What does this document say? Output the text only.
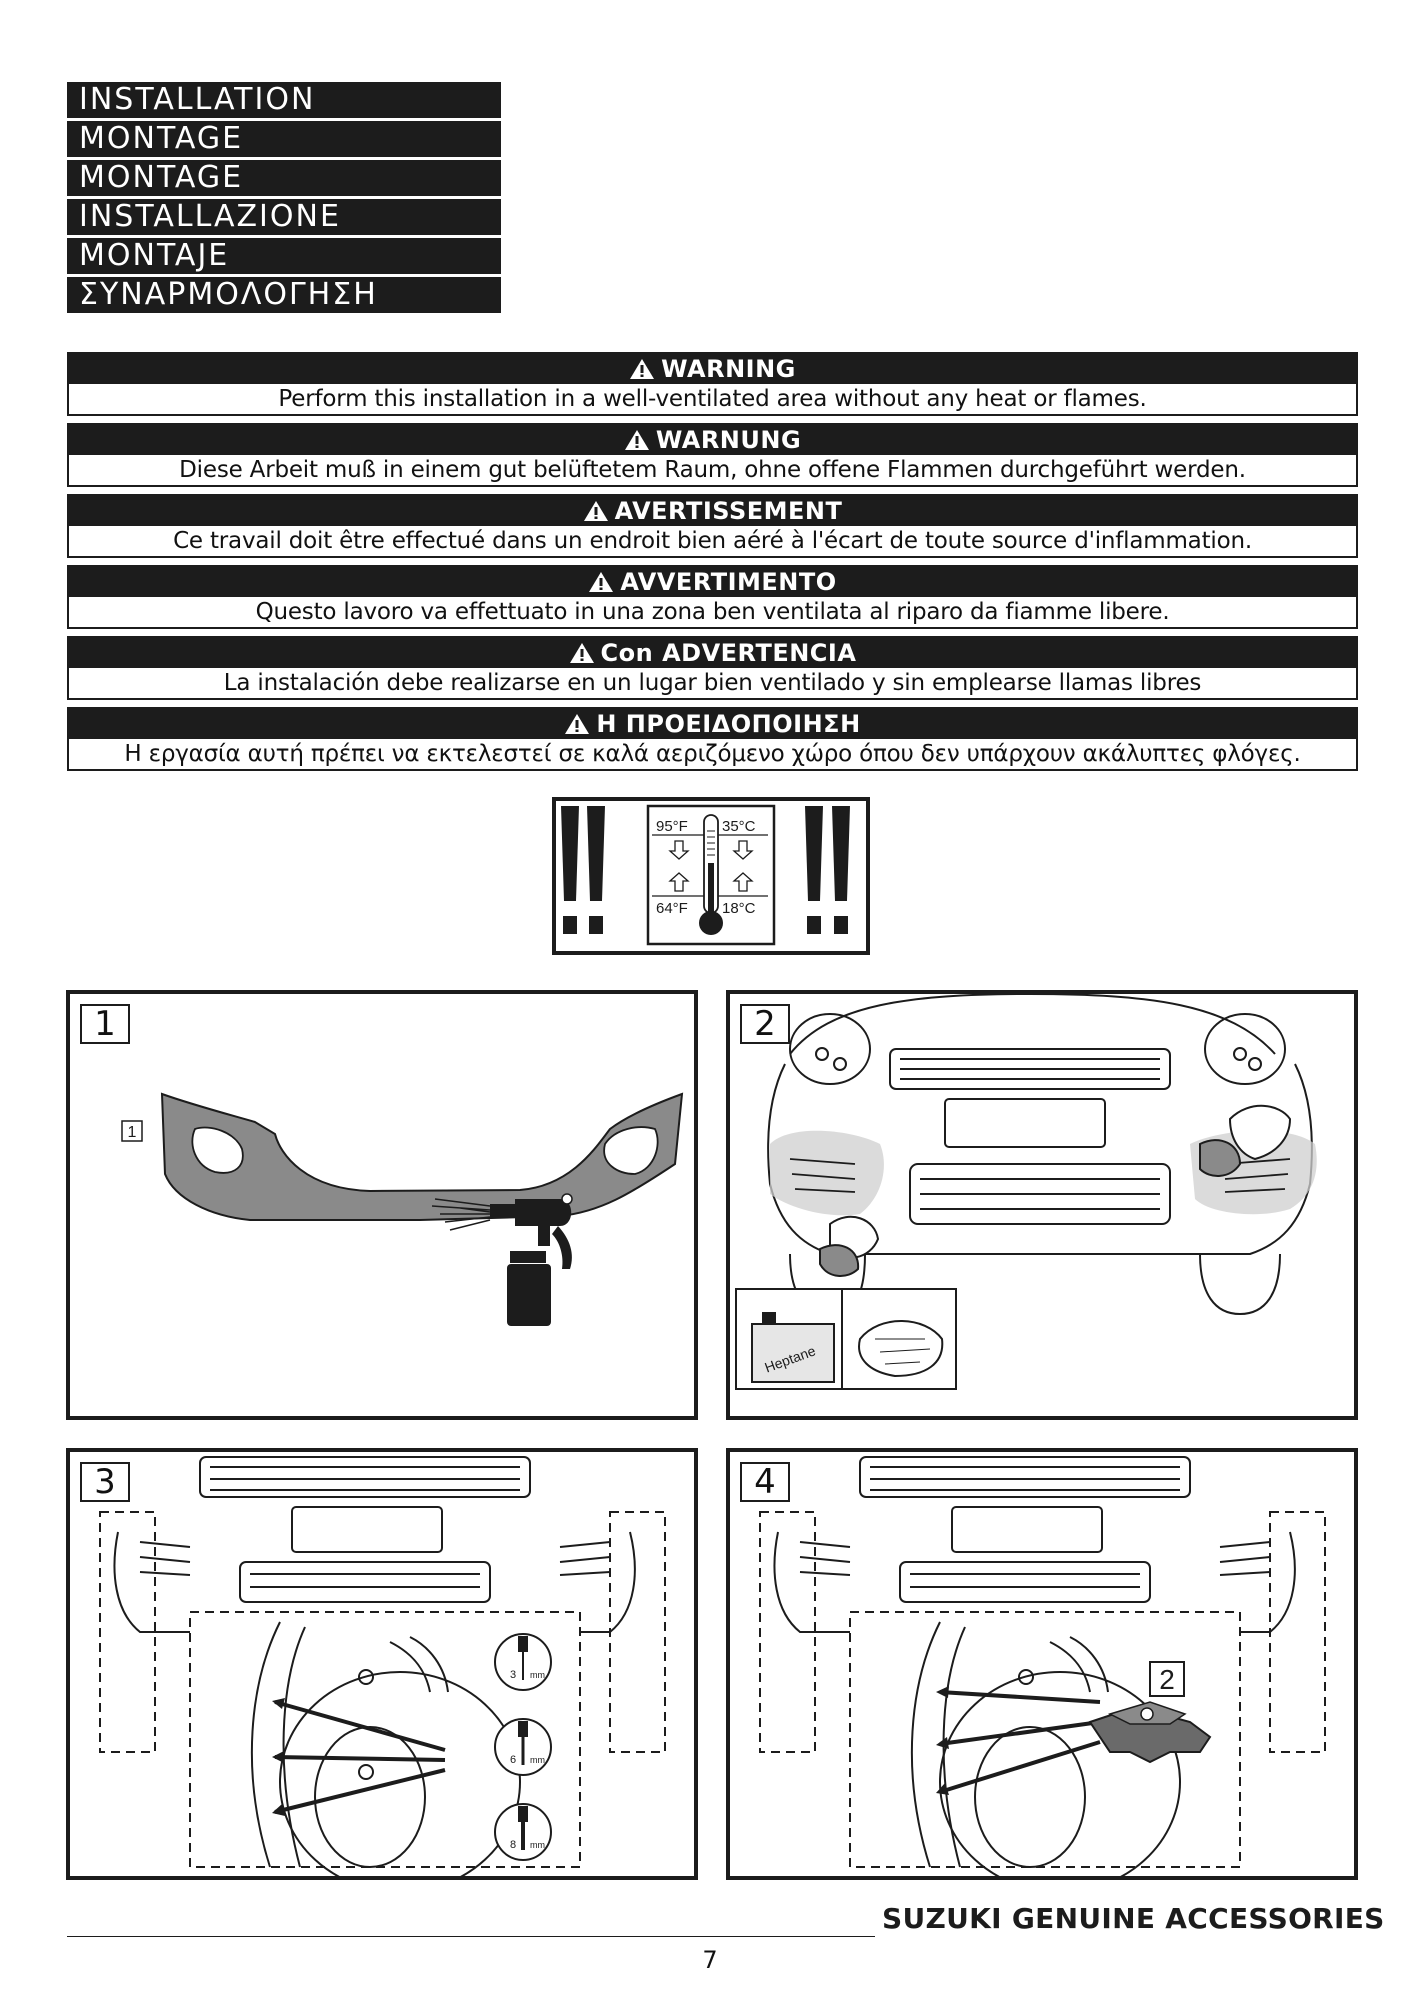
INSTALLATION
MONTAGE
MONTAGE
INSTALLAZIONE
MONTAJE
ΣΥΝΑΡΜΟΛΟΓΗΣΗ
WARNING
Perform this installation in a well-ventilated area without any heat or flames.
WARNUNG
Diese Arbeit muß in einem gut belüftetem Raum, ohne offene Flammen durchgeführt werden.
AVERTISSEMENT
Ce travail doit être effectué dans un endroit bien aéré à l'écart de toute source d'inflammation.
AVVERTIMENTO
Questo lavoro va effettuato in una zona ben ventilata al riparo da fiamme libere.
Con ADVERTENCIA
La instalación debe realizarse en un lugar bien ventilado y sin emplearse llamas libres
Η ΠΡΟΕΙΔΟΠΟΙΗΣΗ
Η εργασία αυτή πρέπει να εκτελεστεί σε καλά αεριζόμενο χώρο όπου δεν υπάρχουν ακάλυπτες φλόγες.
95°F 35°C
64°F 18°C
1
1
2
Heptane
3
3 mm
6 mm
8 mm
4
2
SUZUKI GENUINE ACCESSORIES
7
